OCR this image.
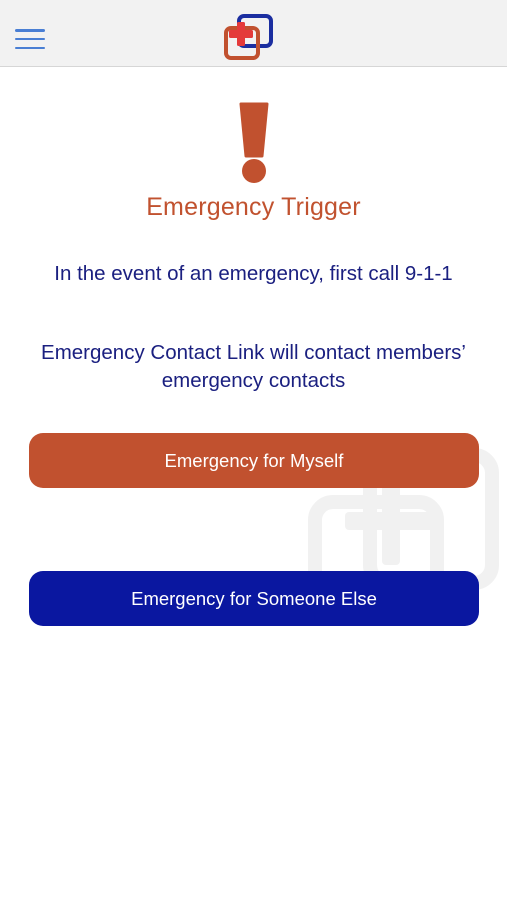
Emergency Trigger
In the event of an emergency, first call 9-1-1
Emergency Contact Link will contact members’ emergency contacts
Emergency for Myself
Emergency for Someone Else
